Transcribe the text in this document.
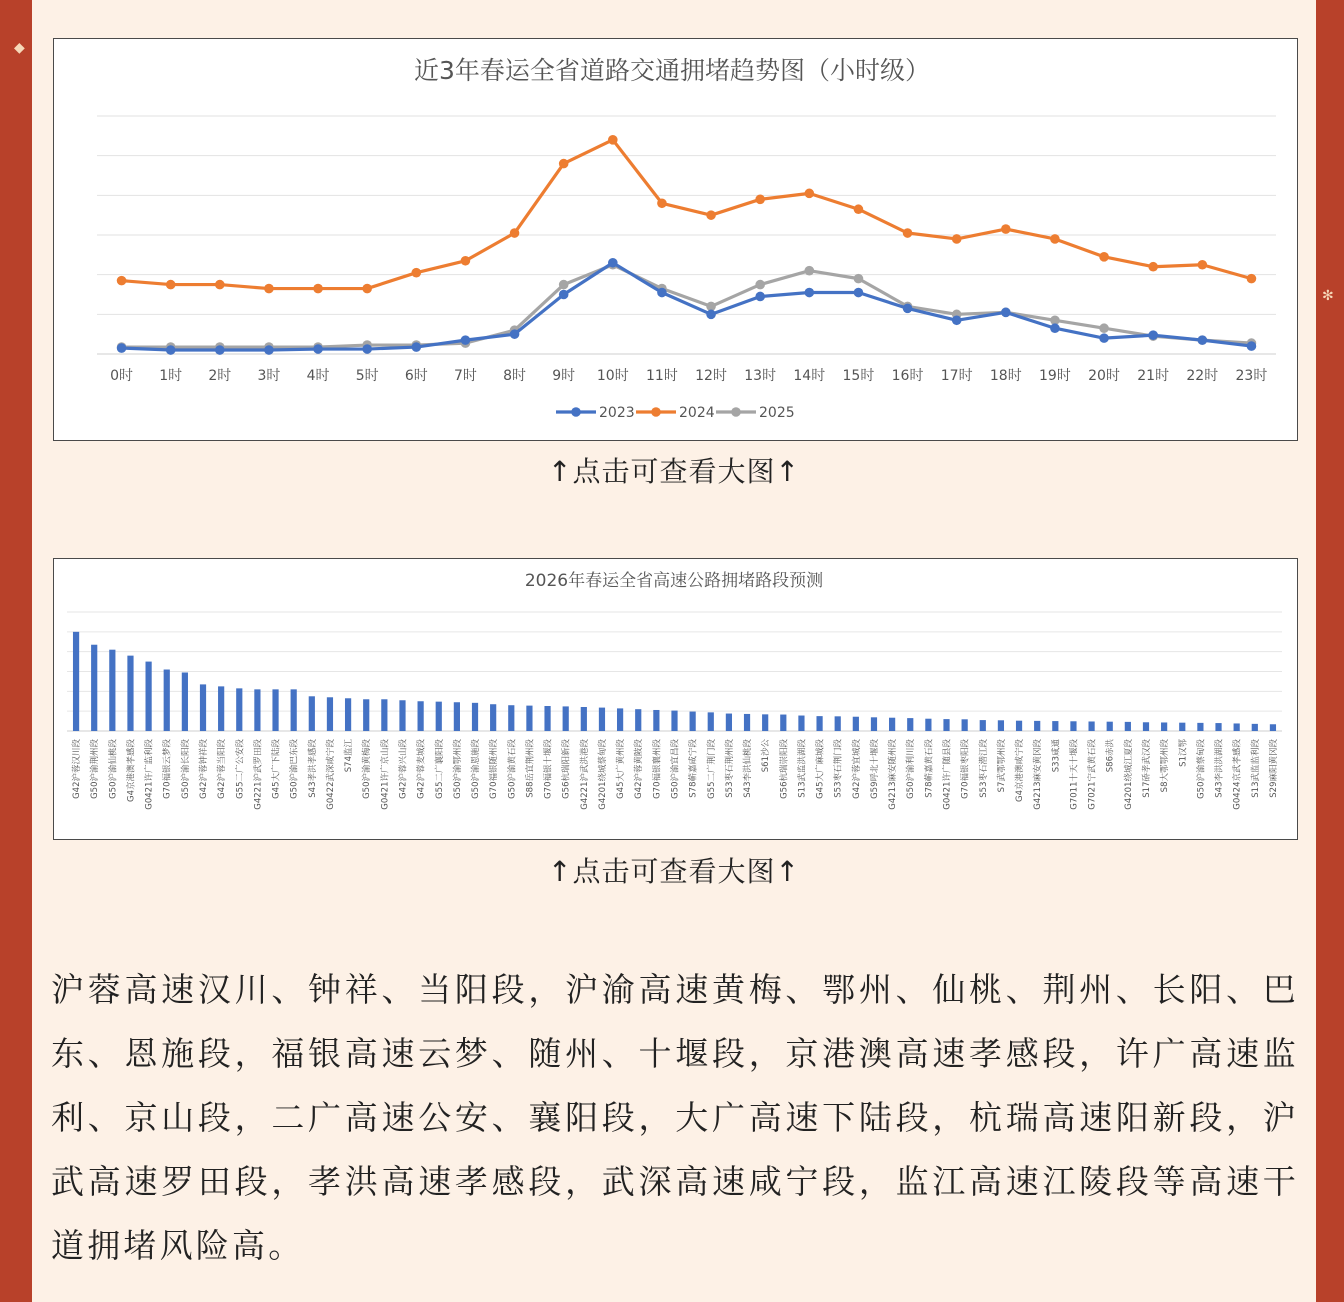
◆
✻
近3年春运全省道路交通拥堵趋势图（小时级）
0时 1时 2时 3时 4时 5时 6时 7时 8时 9时 10时 11时 12时 13时 14时 15时 16时 17时 18时 19时 20时 21时 22时 23时
2023	2024	2025
↑点击可查看大图↑
2026年春运全省高速公路拥堵路段预测
G42沪蓉汉川段 G50沪渝荆州段 G50沪渝仙桃段 G4京港澳孝感段 G0421许广监利段 G70福银云梦段 G50沪渝长阳段 G42沪蓉钟祥段 G42沪蓉当阳段 G55二广公安段 G4221沪武罗田段 G45大广下陆段 G50沪渝巴东段 S43孝洪孝感段 G0422武深咸宁段 S74监江 G50沪渝黄梅段 G0421许广京山段 G42沪蓉兴山段 G42沪蓉麦城段 G55二广襄阳段 G50沪渝鄂州段 G50沪渝恩施段 G70福银随州段 G50沪渝黄石段 S88岳宜荆州段 G70福银十堰段 G56杭瑞阳新段 G4221沪武洪港段 G4201绕城蔡甸段 G45大广黄州段 G42沪蓉黄陂段 G70福银襄州段 G50沪渝宜昌段 S78蕲嘉咸宁段 G55二广荆门段 S53枣石荆州段 S43李洪仙桃段 S61沙公 G56杭瑞崇阳段 S13武监洪湖段 G45大广麻城段 S53枣石荆门段 G42沪蓉宜城段 G59呼北十堰段 G4213麻安随州段 G50沪渝利川段 S78蕲嘉黄石段 G0421许广随县段 G70福银枣阳段 S53枣石潜江段 S7武鄂鄂州段 G4京港澳咸宁段 G4213麻安黄冈段 S33咸通 G7011十天十堰段 G7021宁武黄石段 S86赤洪 G4201绕城江夏段 S17硚孝武汉段 S8大鄂鄂州段 S1汉鄂 G50沪渝蔡甸段 S43李洪洪湖段 G0424京武孝感段 S13武监监利段 S29麻阳黄冈段
↑点击可查看大图↑

沪蓉高速汉川、钟祥、当阳段，沪渝高速黄梅、鄂州、仙桃、荆州、长阳、巴东、恩施段，福银高速云梦、随州、十堰段，京港澳高速孝感段，许广高速监利、京山段，二广高速公安、襄阳段，大广高速下陆段，杭瑞高速阳新段，沪武高速罗田段，孝洪高速孝感段，武深高速咸宁段，监江高速江陵段等高速干道拥堵风险高。
